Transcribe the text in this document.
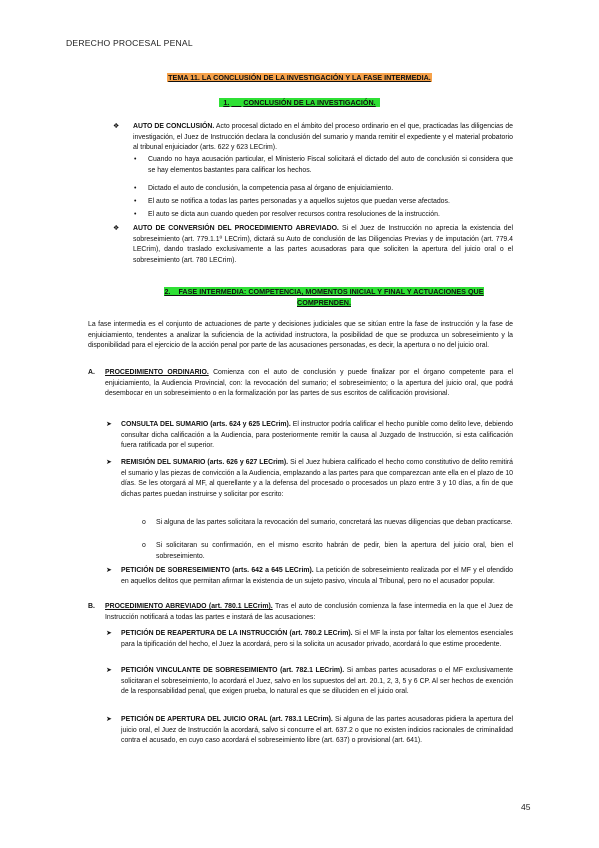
DERECHO PROCESAL PENAL
TEMA 11. LA CONCLUSIÓN DE LA INVESTIGACIÓN Y LA FASE INTERMEDIA.
1. CONCLUSIÓN DE LA INVESTIGACIÓN.
❖ AUTO DE CONCLUSIÓN. Acto procesal dictado en el ámbito del proceso ordinario en el que, practicadas las diligencias de investigación, el Juez de Instrucción declara la conclusión del sumario y manda remitir el expediente y el material probatorio al tribunal enjuiciador (arts. 622 y 623 LECrim).

• Cuando no haya acusación particular, el Ministerio Fiscal solicitará el dictado del auto de conclusión si considera que se hay elementos bastantes para calificar los hechos.
• Dictado el auto de conclusión, la competencia pasa al órgano de enjuiciamiento.
• El auto se notifica a todas las partes personadas y a aquellos sujetos que puedan verse afectados.
• El auto se dicta aun cuando queden por resolver recursos contra resoluciones de la instrucción.
❖ AUTO DE CONVERSIÓN DEL PROCEDIMIENTO ABREVIADO. Si el Juez de Instrucción no aprecia la existencia del sobreseimiento (art. 779.1.1º LECrim), dictará su Auto de conclusión de las Diligencias Previas y de imputación (art. 779.4 LECrim), dando traslado exclusivamente a las partes acusadoras para que soliciten la apertura del juicio oral o el sobreseimiento (art. 780 LECrim).

2. FASE INTERMEDIA: COMPETENCIA, MOMENTOS INICIAL Y FINAL Y ACTUACIONES QUE COMPRENDEN.
La fase intermedia es el conjunto de actuaciones de parte y decisiones judiciales que se sitúan entre la fase de instrucción y la fase de enjuiciamiento, tendentes a analizar la suficiencia de la actividad instructora, la posibilidad de que se produzca un sobreseimiento y la disponibilidad para el ejercicio de la acción penal por parte de las acusaciones personadas, es decir, la apertura o no del juicio oral.
A. PROCEDIMIENTO ORDINARIO. Comienza con el auto de conclusión y puede finalizar por el órgano competente para el enjuiciamiento, la Audiencia Provincial, con: la revocación del sumario; el sobreseimiento; o la apertura del juicio oral, que podrá desembocar en un sobreseimiento o en la formalización por las partes de sus escritos de calificación provisional.

➤ CONSULTA DEL SUMARIO (arts. 624 y 625 LECrim). El instructor podría calificar el hecho punible como delito leve, debiendo consultar dicha calificación a la Audiencia, para posteriormente remitir la causa al Juzgado de Instrucción, si esta calificación fuera ratificada por el superior.

➤ REMISIÓN DEL SUMARIO (arts. 626 y 627 LECrim). Si el Juez hubiera calificado el hecho como constitutivo de delito remitirá el sumario y las piezas de convicción a la Audiencia, emplazando a las partes para que comparezcan ante ella en el plazo de 10 días. Se les otorgará al MF, al querellante y a la defensa del procesado o procesados un plazo entre 3 y 10 días, a fin de que dichas partes puedan instruirse y solicitar por escrito:

o Si alguna de las partes solicitara la revocación del sumario, concretará las nuevas diligencias que deban practicarse.
o Si solicitaran su confirmación, en el mismo escrito habrán de pedir, bien la apertura del juicio oral, bien el sobreseimiento.
➤ PETICIÓN DE SOBRESEIMIENTO (arts. 642 a 645 LECrim). La petición de sobreseimiento realizada por el MF y el ofendido en aquellos delitos que permitan afirmar la existencia de un sujeto pasivo, vincula al Tribunal, pero no el acusador popular.

B. PROCEDIMIENTO ABREVIADO (art. 780.1 LECrim). Tras el auto de conclusión comienza la fase intermedia en la que el Juez de Instrucción notificará a todas las partes e instará de las acusaciones:

➤ PETICIÓN DE REAPERTURA DE LA INSTRUCCIÓN (art. 780.2 LECrim). Si el MF la insta por faltar los elementos esenciales para la tipificación del hecho, el Juez la acordará, pero si la solicita un acusador privado, acordará lo que estime procedente.

➤ PETICIÓN VINCULANTE DE SOBRESEIMIENTO (art. 782.1 LECrim). Si ambas partes acusadoras o el MF exclusivamente solicitaran el sobreseimiento, lo acordará el Juez, salvo en los supuestos del art. 20.1, 2, 3, 5 y 6 CP. Al ser hechos de exención de la responsabilidad penal, que exigen prueba, lo natural es que se diluciden en el juicio oral.

➤ PETICIÓN DE APERTURA DEL JUICIO ORAL (art. 783.1 LECrim). Si alguna de las partes acusadoras pidiera la apertura del juicio oral, el Juez de Instrucción la acordará, salvo si concurre el art. 637.2 o que no existen indicios racionales de criminalidad contra el acusado, en cuyo caso acordará el sobreseimiento libre (art. 637) o provisional (art. 641).

45
